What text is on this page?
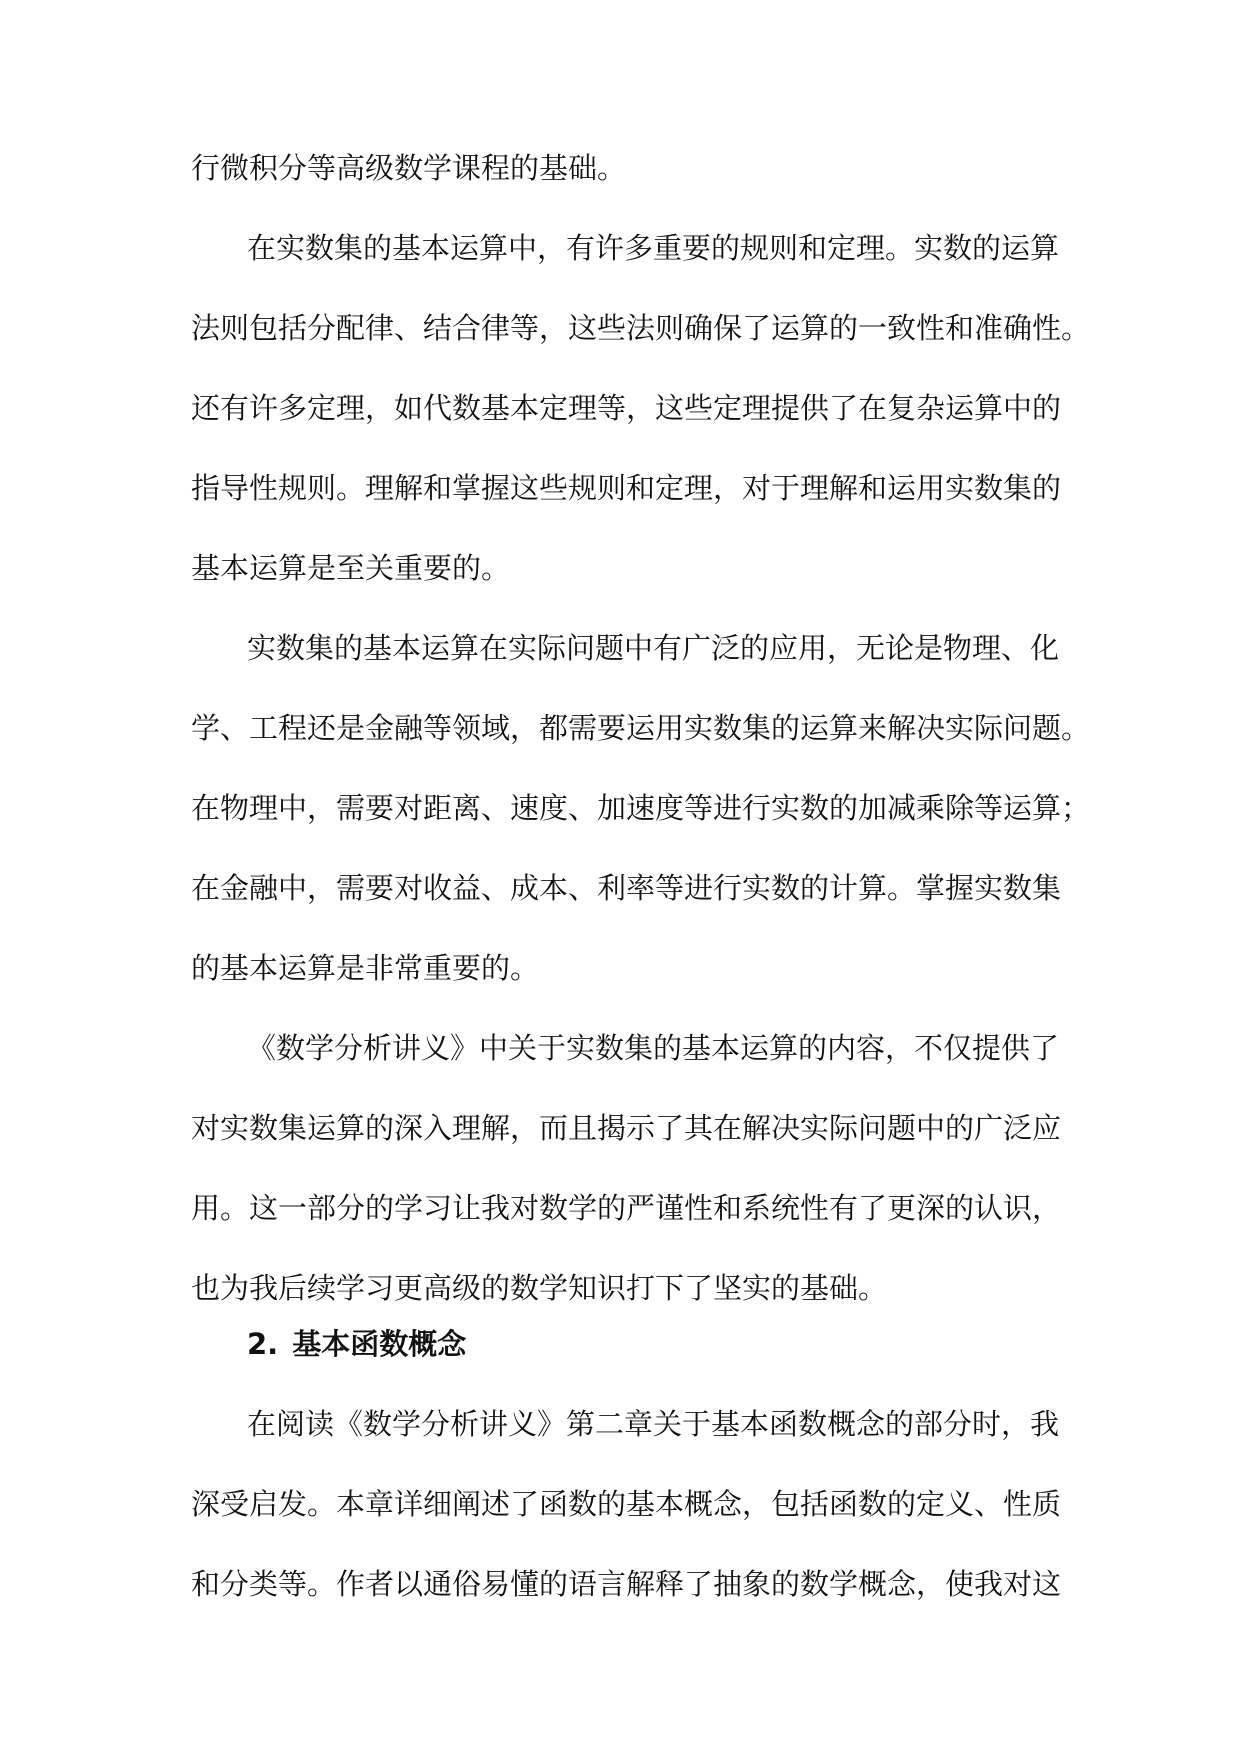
行微积分等高级数学课程的基础。
在实数集的基本运算中，有许多重要的规则和定理。实数的运算
法则包括分配律、结合律等，这些法则确保了运算的一致性和准确性。
还有许多定理，如代数基本定理等，这些定理提供了在复杂运算中的
指导性规则。理解和掌握这些规则和定理，对于理解和运用实数集的
基本运算是至关重要的。
实数集的基本运算在实际问题中有广泛的应用，无论是物理、化
学、工程还是金融等领域，都需要运用实数集的运算来解决实际问题。
在物理中，需要对距离、速度、加速度等进行实数的加减乘除等运算；
在金融中，需要对收益、成本、利率等进行实数的计算。掌握实数集
的基本运算是非常重要的。
《数学分析讲义》中关于实数集的基本运算的内容，不仅提供了
对实数集运算的深入理解，而且揭示了其在解决实际问题中的广泛应
用。这一部分的学习让我对数学的严谨性和系统性有了更深的认识，
也为我后续学习更高级的数学知识打下了坚实的基础。
2. 基本函数概念
在阅读《数学分析讲义》第二章关于基本函数概念的部分时，我
深受启发。本章详细阐述了函数的基本概念，包括函数的定义、性质
和分类等。作者以通俗易懂的语言解释了抽象的数学概念，使我对这
